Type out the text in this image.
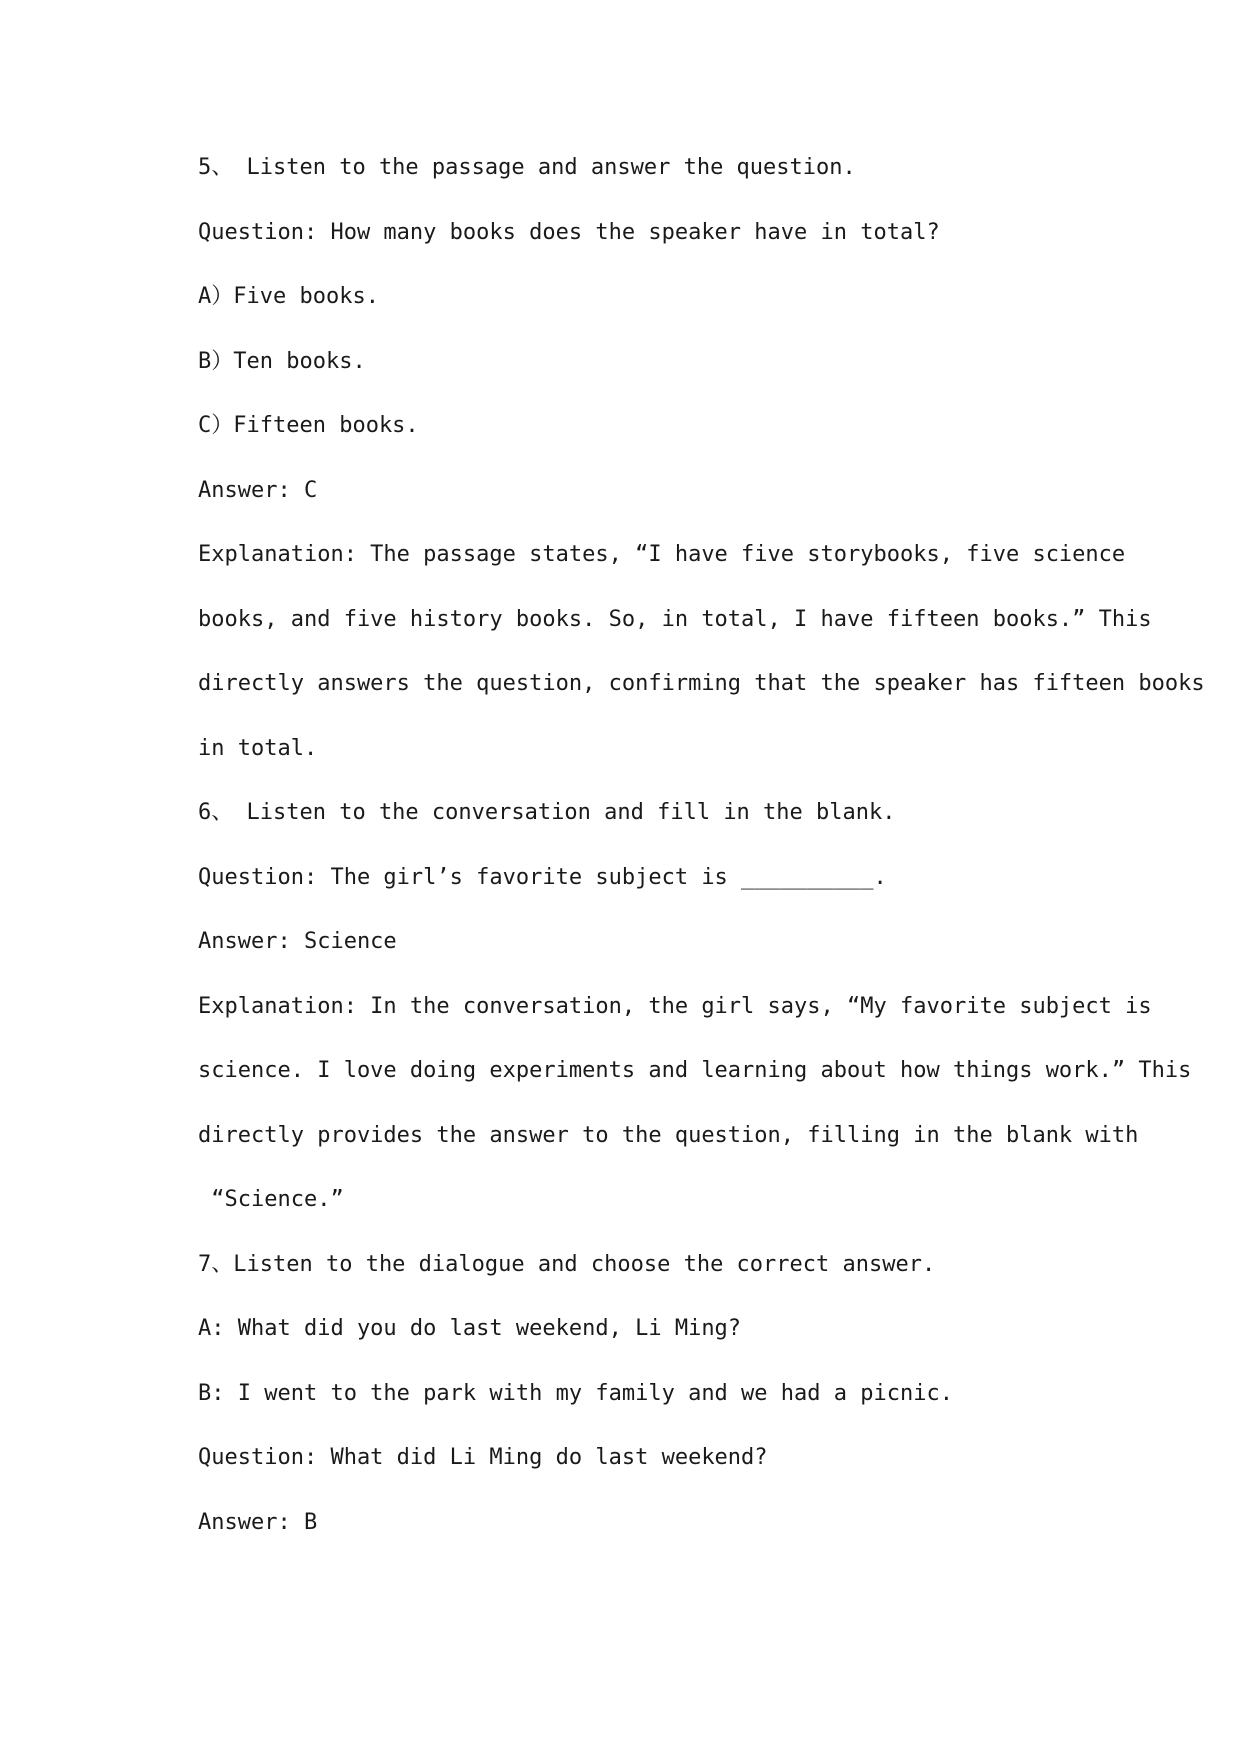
5、 Listen to the passage and answer the question.
Question: How many books does the speaker have in total?
A）Five books.
B）Ten books.
C）Fifteen books.
Answer: C
Explanation: The passage states, “I have five storybooks, five science
books, and five history books. So, in total, I have fifteen books.” This
directly answers the question, confirming that the speaker has fifteen books
in total.
6、 Listen to the conversation and fill in the blank.
Question: The girl’s favorite subject is __________.
Answer: Science
Explanation: In the conversation, the girl says, “My favorite subject is
science. I love doing experiments and learning about how things work.” This
directly provides the answer to the question, filling in the blank with
“Science.”
7、Listen to the dialogue and choose the correct answer.
A: What did you do last weekend, Li Ming?
B: I went to the park with my family and we had a picnic.
Question: What did Li Ming do last weekend?
Answer: B
